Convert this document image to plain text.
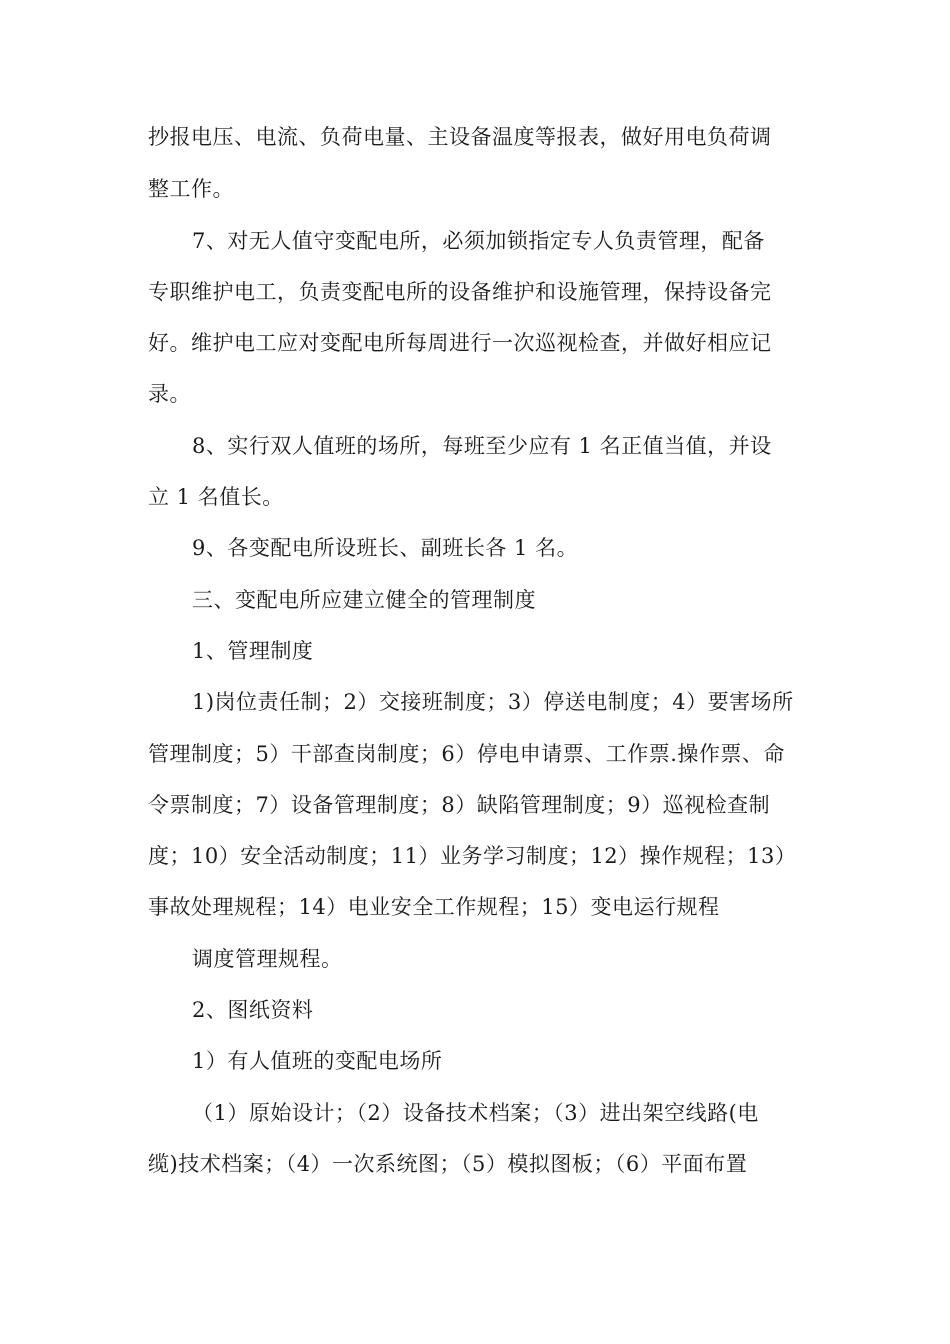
抄报电压、电流、负荷电量、主设备温度等报表，做好用电负荷调
整工作。
7、对无人值守变配电所，必须加锁指定专人负责管理，配备
专职维护电工，负责变配电所的设备维护和设施管理，保持设备完
好。维护电工应对变配电所每周进行一次巡视检查，并做好相应记
录。
8、实行双人值班的场所，每班至少应有 1 名正值当值，并设
立 1 名值长。
9、各变配电所设班长、副班长各 1 名。
三、变配电所应建立健全的管理制度
1、管理制度
1)岗位责任制；2）交接班制度；3）停送电制度；4）要害场所
管理制度；5）干部查岗制度；6）停电申请票、工作票.操作票、命
令票制度；7）设备管理制度；8）缺陷管理制度；9）巡视检查制
度；10）安全活动制度；11）业务学习制度；12）操作规程；13）
事故处理规程；14）电业安全工作规程；15）变电运行规程
调度管理规程。
2、图纸资料
1）有人值班的变配电场所
（1）原始设计；（2）设备技术档案；（3）进出架空线路(电
缆)技术档案；（4）一次系统图；（5）模拟图板；（6）平面布置
